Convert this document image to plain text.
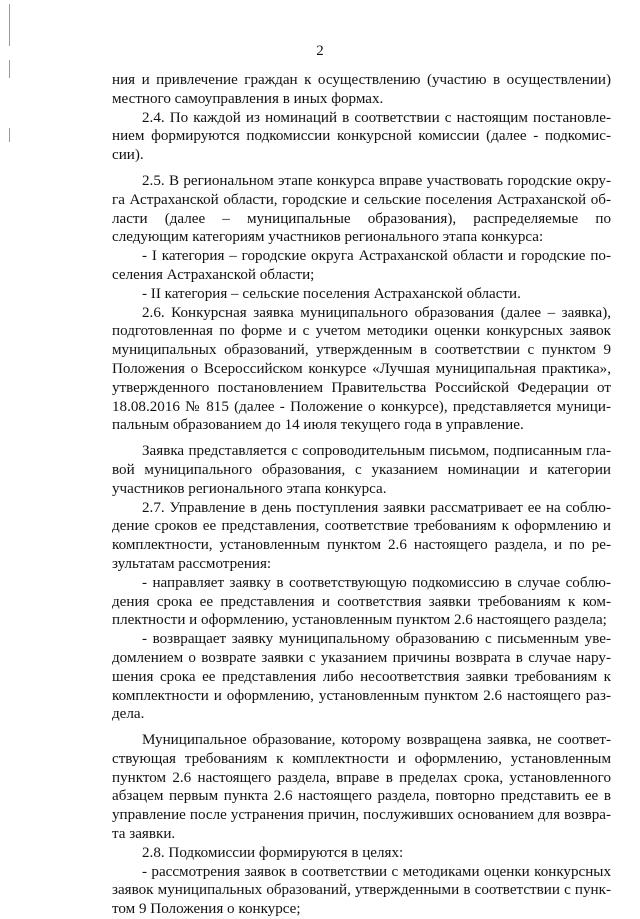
2

ния и привлечение граждан к осуществлению (участию в осуществлении) местного самоуправления в иных формах.

2.4. По каждой из номинаций в соответствии с настоящим постановлением формируются подкомиссии конкурсной комиссии (далее - подкомиссии).

2.5. В региональном этапе конкурса вправе участвовать городские округа Астраханской области, городские и сельские поселения Астраханской области (далее – муниципальные образования), распределяемые по следующим категориям участников регионального этапа конкурса:

- I категория – городские округа Астраханской области и городские поселения Астраханской области;

- II категория – сельские поселения Астраханской области.

2.6. Конкурсная заявка муниципального образования (далее – заявка), подготовленная по форме и с учетом методики оценки конкурсных заявок муниципальных образований, утвержденным в соответствии с пунктом 9 Положения о Всероссийском конкурсе «Лучшая муниципальная практика», утвержденного постановлением Правительства Российской Федерации от 18.08.2016 № 815 (далее - Положение о конкурсе), представляется муниципальным образованием до 14 июля текущего года в управление.

Заявка представляется с сопроводительным письмом, подписанным главой муниципального образования, с указанием номинации и категории участников регионального этапа конкурса.

2.7. Управление в день поступления заявки рассматривает ее на соблюдение сроков ее представления, соответствие требованиям к оформлению и комплектности, установленным пунктом 2.6 настоящего раздела, и по результатам рассмотрения:

- направляет заявку в соответствующую подкомиссию в случае соблюдения срока ее представления и соответствия заявки требованиям к комплектности и оформлению, установленным пунктом 2.6 настоящего раздела;

- возвращает заявку муниципальному образованию с письменным уведомлением о возврате заявки с указанием причины возврата в случае нарушения срока ее представления либо несоответствия заявки требованиям к комплектности и оформлению, установленным пунктом 2.6 настоящего раздела.

Муниципальное образование, которому возвращена заявка, не соответствующая требованиям к комплектности и оформлению, установленным пунктом 2.6 настоящего раздела, вправе в пределах срока, установленного абзацем первым пункта 2.6 настоящего раздела, повторно представить ее в управление после устранения причин, послуживших основанием для возврата заявки.

2.8. Подкомиссии формируются в целях:

- рассмотрения заявок в соответствии с методиками оценки конкурсных заявок муниципальных образований, утвержденными в соответствии с пунктом 9 Положения о конкурсе;
